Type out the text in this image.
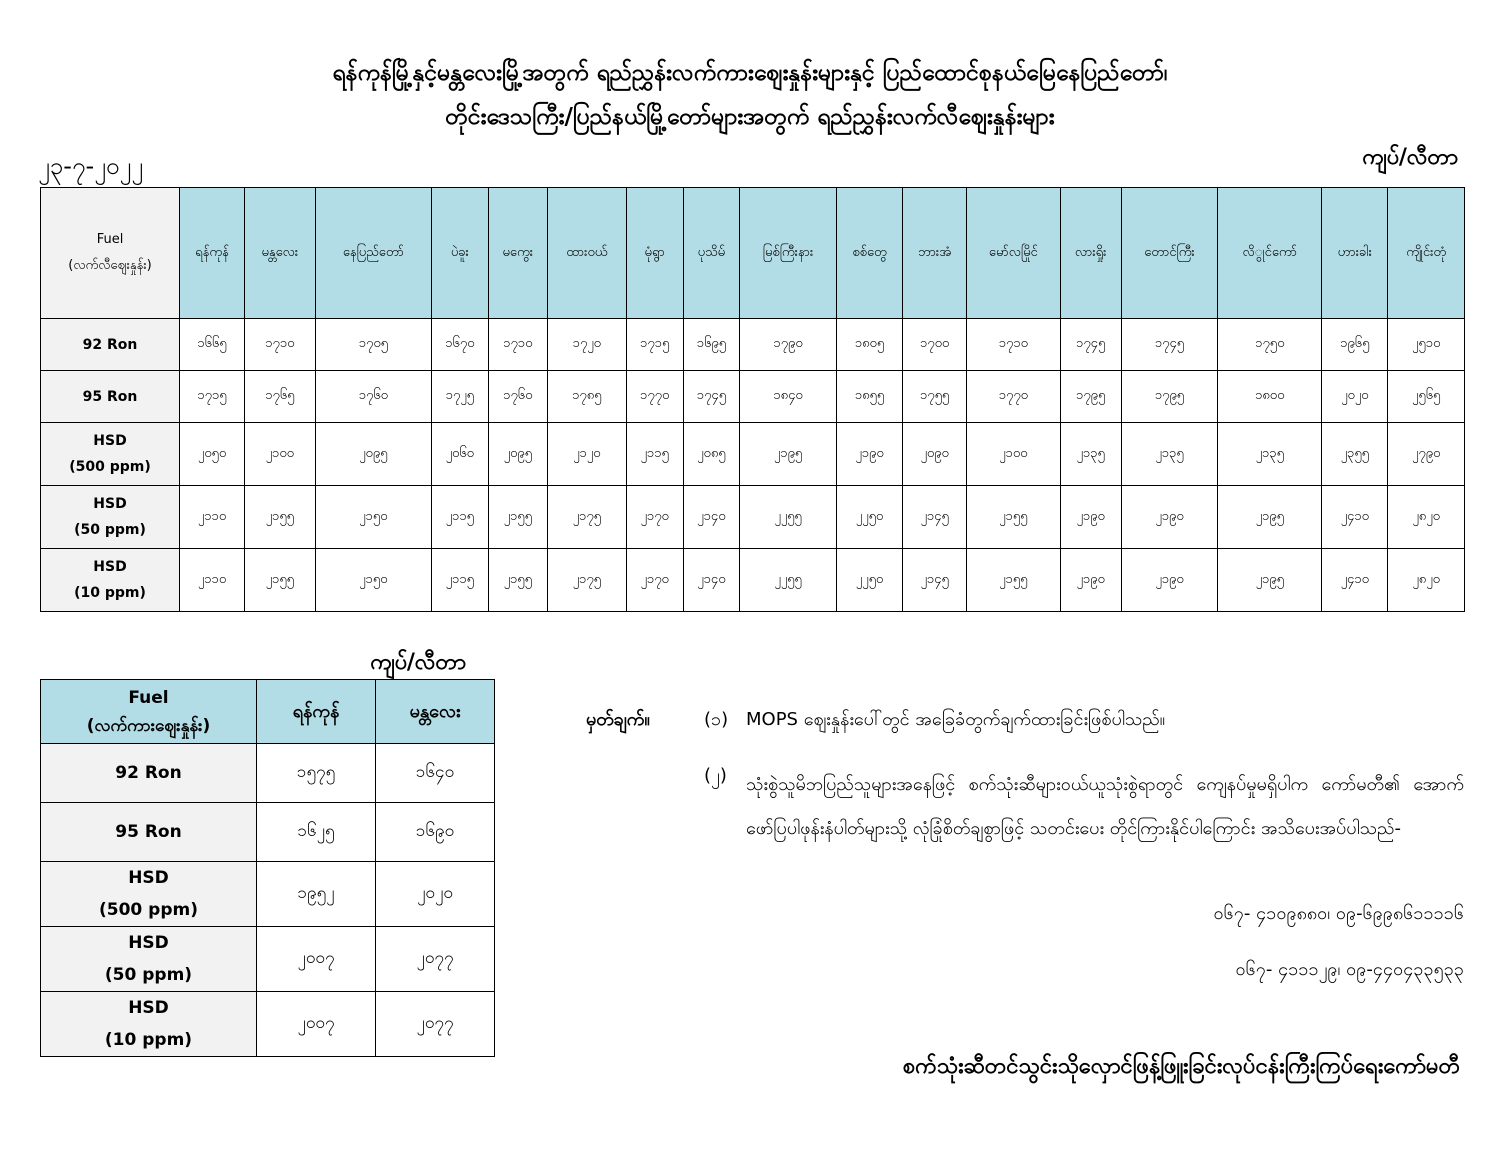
ရန်ကုန်မြို့နှင့်မန္တလေးမြို့အတွက် ရည်ညွှန်းလက်ကားဈေးနှုန်းများနှင့် ပြည်ထောင်စုနယ်မြေနေပြည်တော်၊
တိုင်းဒေသကြီး/ပြည်နယ်မြို့တော်များအတွက် ရည်ညွှန်းလက်လီဈေးနှုန်းများ
၂၃-၇-၂၀၂၂	ကျပ်/လီတာ
Fuel
(လက်လီဈေးနှုန်း)	ရန်ကုန်	မန္တလေး	နေပြည်တော်	ပဲခူး	မကွေး	ထားဝယ်	မုံရွာ	ပုသိမ်	မြစ်ကြီးနား	စစ်တွေ	ဘားအံ	မော်လမြိုင်	လားရှိုး	တောင်ကြီး	လိွုင်ကော်	ဟားခါး	ကျိုင်းတုံ

92 Ron	၁၆၆၅	၁၇၁၀	၁၇၀၅	၁၆၇၀	၁၇၁၀	၁၇၂၀	၁၇၁၅	၁၆၉၅	၁၇၉၀	၁၈၀၅	၁၇၀၀	၁၇၁၀	၁၇၄၅	၁၇၄၅	၁၇၅၀	၁၉၆၅	၂၅၁၀

95 Ron	၁၇၁၅	၁၇၆၅	၁၇၆၀	၁၇၂၅	၁၇၆၀	၁၇၈၅	၁၇၇၀	၁၇၄၅	၁၈၄၀	၁၈၅၅	၁၇၅၅	၁၇၇၀	၁၇၉၅	၁၇၉၅	၁၈၀၀	၂၀၂၀	၂၅၆၅

HSD
(500 ppm)	၂၀၅၀	၂၁၀၀	၂၀၉၅	၂၀၆၀	၂၀၉၅	၂၁၂၀	၂၁၁၅	၂၀၈၅	၂၁၉၅	၂၁၉၀	၂၀၉၀	၂၁၀၀	၂၁၃၅	၂၁၃၅	၂၁၃၅	၂၃၅၅	၂၇၉၀

HSD
(50 ppm)	၂၁၁၀	၂၁၅၅	၂၁၅၀	၂၁၁၅	၂၁၅၅	၂၁၇၅	၂၁၇၀	၂၁၄၀	၂၂၅၅	၂၂၅၀	၂၁၄၅	၂၁၅၅	၂၁၉၀	၂၁၉၀	၂၁၉၅	၂၄၁၀	၂၈၂၀

HSD
(10 ppm)	၂၁၁၀	၂၁၅၅	၂၁၅၀	၂၁၁၅	၂၁၅၅	၂၁၇၅	၂၁၇၀	၂၁၄၀	၂၂၅၅	၂၂၅၀	၂၁၄၅	၂၁၅၅	၂၁၉၀	၂၁၉၀	၂၁၉၅	၂၄၁၀	၂၈၂၀
ကျပ်/လီတာ
Fuel
(လက်ကားဈေးနှုန်း)	ရန်ကုန်	မန္တလေး

92 Ron	၁၅၇၅	၁၆၄၀

95 Ron	၁၆၂၅	၁၆၉၀

HSD
(500 ppm)	၁၉၅၂	၂၀၂၀

HSD
(50 ppm)	၂၀၀၇	၂၀၇၇

HSD
(10 ppm)	၂၀၀၇	၂၀၇၇
မှတ်ချက်။	(၁) MOPS ဈေးနှုန်းပေါ်တွင် အခြေခံတွက်ချက်ထားခြင်းဖြစ်ပါသည်။
(၂) သုံးစွဲသူမိဘပြည်သူများအနေဖြင့် စက်သုံးဆီများဝယ်ယူသုံးစွဲရာတွင် ကျေနပ်မှုမရှိပါက ကော်မတီ၏ အောက်ဖော်ပြပါဖုန်းနံပါတ်များသို့ လုံခြုံစိတ်ချစွာဖြင့် သတင်းပေး တိုင်ကြားနိုင်ပါကြောင်း အသိပေးအပ်ပါသည်-
၀၆၇- ၄၁၀၉၈၈၀၊ ၀၉-၆၉၉၈၆၁၁၁၁၆
၀၆၇- ၄၁၁၁၂၉၊ ၀၉-၄၄၀၄၃၃၅၃၃
စက်သုံးဆီတင်သွင်းသိုလှောင်ဖြန့်ဖြူးခြင်းလုပ်ငန်းကြီးကြပ်ရေးကော်မတီ
